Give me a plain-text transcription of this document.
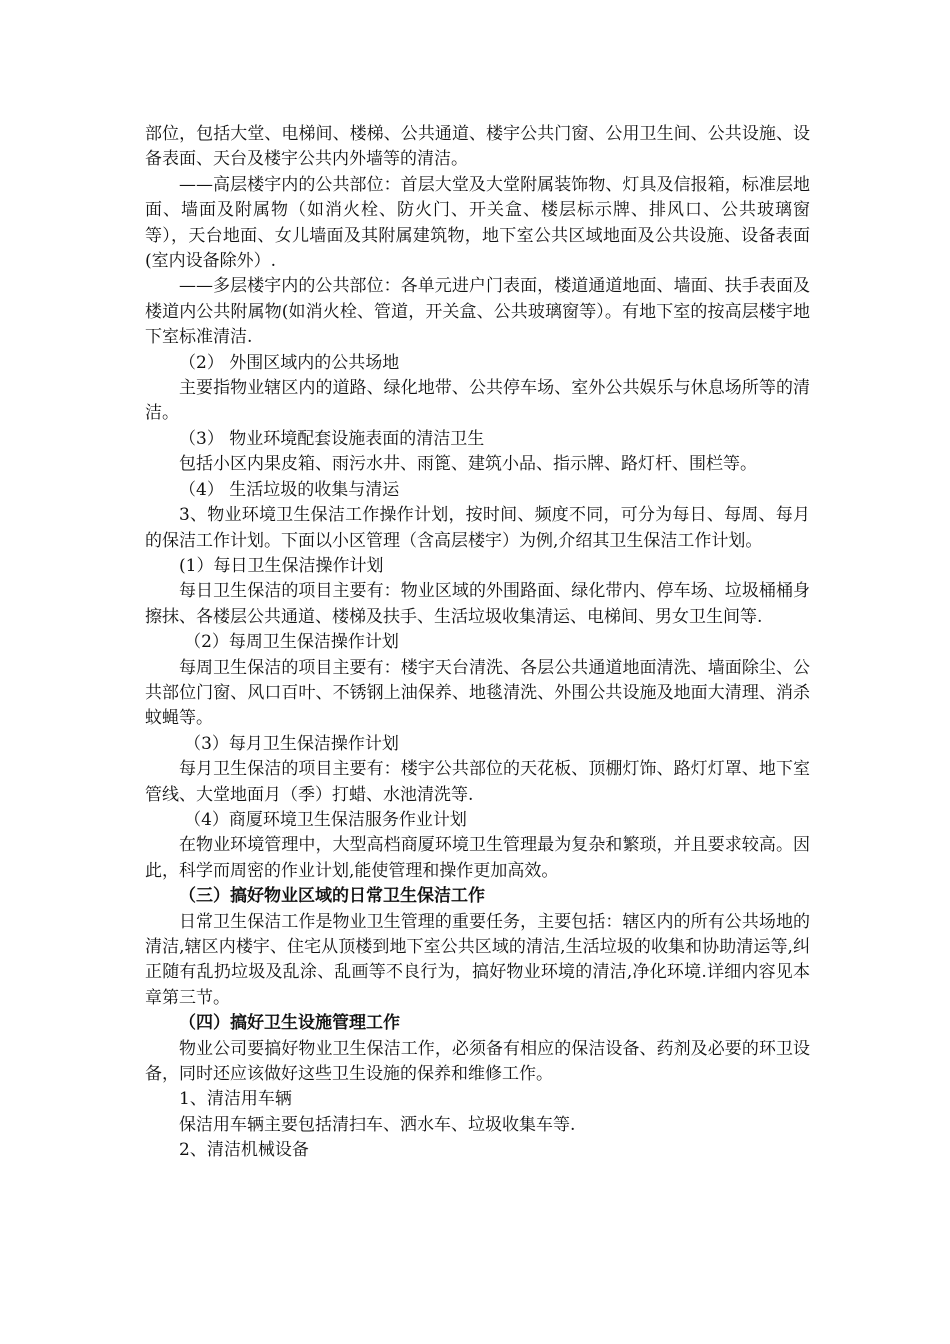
部位，包括大堂、电梯间、楼梯、公共通道、楼宇公共门窗、公用卫生间、公共设施、设备表面、天台及楼宇公共内外墙等的清洁。

——高层楼宇内的公共部位：首层大堂及大堂附属装饰物、灯具及信报箱，标准层地面、墙面及附属物（如消火栓、防火门、开关盒、楼层标示牌、排风口、公共玻璃窗等），天台地面、女儿墙面及其附属建筑物，地下室公共区域地面及公共设施、设备表面(室内设备除外）.

——多层楼宇内的公共部位：各单元进户门表面，楼道通道地面、墙面、扶手表面及楼道内公共附属物(如消火栓、管道，开关盒、公共玻璃窗等）。有地下室的按高层楼宇地下室标准清洁.

（2） 外围区域内的公共场地

主要指物业辖区内的道路、绿化地带、公共停车场、室外公共娱乐与休息场所等的清洁。

（3） 物业环境配套设施表面的清洁卫生

包括小区内果皮箱、雨污水井、雨篦、建筑小品、指示牌、路灯杆、围栏等。

（4） 生活垃圾的收集与清运

3、物业环境卫生保洁工作操作计划，按时间、频度不同，可分为每日、每周、每月的保洁工作计划。下面以小区管理（含高层楼宇）为例,介绍其卫生保洁工作计划。

(1）每日卫生保洁操作计划

每日卫生保洁的项目主要有：物业区域的外围路面、绿化带内、停车场、垃圾桶桶身擦抹、各楼层公共通道、楼梯及扶手、生活垃圾收集清运、电梯间、男女卫生间等.

（2）每周卫生保洁操作计划

每周卫生保洁的项目主要有：楼宇天台清洗、各层公共通道地面清洗、墙面除尘、公共部位门窗、风口百叶、不锈钢上油保养、地毯清洗、外围公共设施及地面大清理、消杀蚊蝇等。

（3）每月卫生保洁操作计划

每月卫生保洁的项目主要有：楼宇公共部位的天花板、顶棚灯饰、路灯灯罩、地下室管线、大堂地面月（季）打蜡、水池清洗等.

（4）商厦环境卫生保洁服务作业计划

在物业环境管理中，大型高档商厦环境卫生管理最为复杂和繁琐，并且要求较高。因此，科学而周密的作业计划,能使管理和操作更加高效。

（三）搞好物业区域的日常卫生保洁工作

日常卫生保洁工作是物业卫生管理的重要任务，主要包括：辖区内的所有公共场地的清洁,辖区内楼宇、住宅从顶楼到地下室公共区域的清洁,生活垃圾的收集和协助清运等,纠正随有乱扔垃圾及乱涂、乱画等不良行为，搞好物业环境的清洁,净化环境.详细内容见本章第三节。

（四）搞好卫生设施管理工作

物业公司要搞好物业卫生保洁工作，必须备有相应的保洁设备、药剂及必要的环卫设备，同时还应该做好这些卫生设施的保养和维修工作。

1、清洁用车辆

保洁用车辆主要包括清扫车、洒水车、垃圾收集车等.

2、清洁机械设备
